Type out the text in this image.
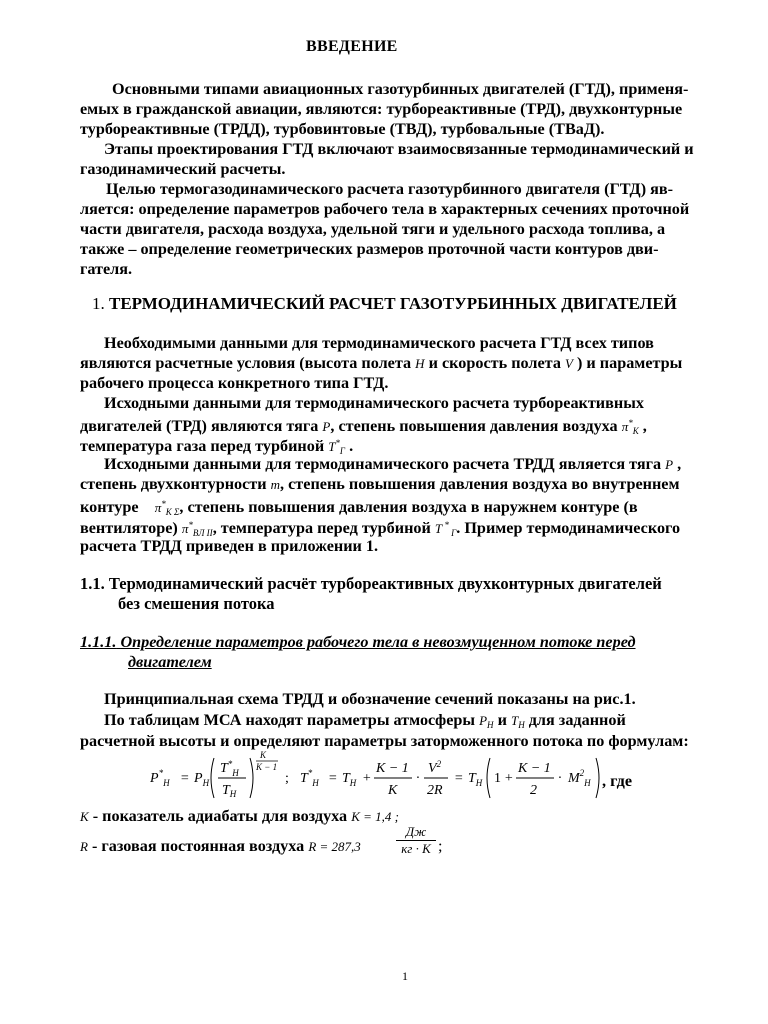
ВВЕДЕНИЕ
Основными типами авиационных газотурбинных двигателей (ГТД), применя-
емых в гражданской авиации, являются: турбореактивные (ТРД), двухконтурные
турбореактивные (ТРДД), турбовинтовые (ТВД), турбовальные (ТВаД).
Этапы проектирования ГТД включают взаимосвязанные термодинамический и
газодинамический расчеты.
Целью термогазодинамического расчета газотурбинного двигателя (ГТД) яв-
ляется: определение параметров рабочего тела в характерных сечениях проточной
части двигателя, расхода воздуха, удельной тяги и удельного расхода топлива, а
также – определение геометрических размеров проточной части контуров дви-
гателя.
1. ТЕРМОДИНАМИЧЕСКИЙ РАСЧЕТ ГАЗОТУРБИННЫХ ДВИГАТЕЛЕЙ
Необходимыми данными для термодинамического расчета ГТД всех типов
являются расчетные условия (высота полета H и скорость полета V ) и параметры
рабочего процесса конкретного типа ГТД.
Исходными данными для термодинамического расчета турбореактивных
двигателей (ТРД) являются тяга P, степень повышения давления воздуха $\pi^*_K$ ,
температура газа перед турбиной $T^*_Г$ .
Исходными данными для термодинамического расчета ТРДД является тяга P ,
степень двухконтурности m, степень повышения давления воздуха во внутреннем
контуре $\pi^*_{K \Sigma}$, степень повышения давления воздуха в наружнем контуре (в
вентиляторе) $\pi^*_{ВЛ II}$, температура перед турбиной T * $_Г$. Пример термодинамического
расчета ТРДД приведен в приложении 1.
1.1. Термодинамический расчёт турбореактивных двухконтурных двигателей
без смешения потока
1.1.1. Определение параметров рабочего тела в невозмущенном потоке перед
двигателем
Принципиальная схема ТРДД и обозначение сечений показаны на рис.1.
По таблицам МСА находят параметры атмосферы $P_H$ и $T_H$ для заданной
расчетной высоты и определяют параметры заторможенного потока по формулам:
$P^*_H = P_H$
$T^*_H$
$T_H$
K
K − 1
; $T^*_H = T_H$ +
K − 1
K
·
$V^2$
2R
= $T_H$ 1 +
K − 1
2
· $M^2_H$ , где
K - показатель адиабаты для воздуха K = 1,4 ;
R - газовая постоянная воздуха R = 287,3
Дж
кг · K ;
1
